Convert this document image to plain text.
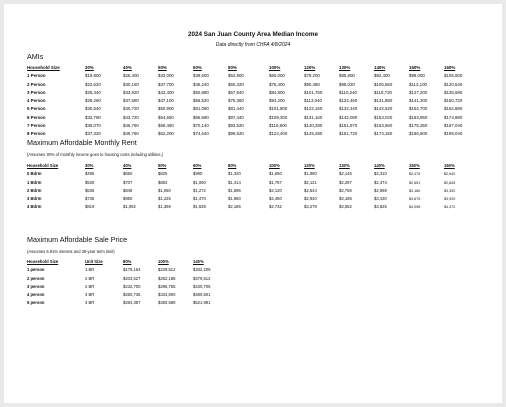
2024 San Juan County Area Median Income
Data directly from CHFA 4/8/2024
AMIs
Household Size	30%	40%	50%	60%	80%	100%	120%	130%	140%	150%	160%
1 Person	$19,800	$26,400	$33,000	$39,600	$52,800	$66,000	$79,200	$85,800	$92,400	$99,000	$105,600
2 Person	$22,620	$30,160	$37,700	$45,240	$60,320	$75,400	$90,480	$98,020	$105,560	$113,100	$120,640
3 Person	$25,440	$33,920	$42,400	$50,880	$67,840	$84,800	$101,760	$110,240	$118,720	$127,200	$135,680
4 Person	$28,260	$37,680	$47,100	$56,520	$75,360	$94,200	$113,040	$122,460	$131,880	$141,300	$150,720
5 Person	$30,540	$40,720	$50,900	$61,080	$81,440	$101,800	$122,160	$132,340	$142,520	$152,700	$162,880
6 Person	$32,790	$43,720	$54,650	$65,580	$87,440	$109,300	$131,160	$142,090	$153,020	$163,950	$174,880
7 Person	$35,070	$46,760	$58,450	$70,140	$93,520	$116,900	$140,280	$151,970	$163,660	$175,350	$187,040
8 Person	$37,320	$49,760	$62,200	$74,640	$99,520	$124,400	$149,280	$161,720	$174,160	$186,600	$199,040
Maximum Affordable Monthly Rent
(Assumes 30% of monthly income goes to housing costs including utilities.)
Household Size	30%	40%	50%	60%	80%	100%	120%	130%	140%	150%	160%
0 Bdrm	$495	$660	$825	$990	$1,320	$1,650	$1,980	$2,145	$2,310	$2,475	$2,640
1 Bdrm	$530	$707	$883	$1,060	$1,414	$1,767	$2,121	$2,297	$2,474	$2,651	$2,828
2 Bdrm	$636	$848	$1,060	$1,272	$1,696	$2,120	$2,544	$2,756	$2,968	$3,180	$3,392
3 Bdrm	$735	$980	$1,225	$1,470	$1,960	$2,450	$2,940	$3,185	$3,430	$3,675	$3,920
4 Bdrm	$819	$1,092	$1,366	$1,639	$2,186	$2,732	$3,279	$3,552	$3,825	$4,098	$4,372
Maximum Affordable Sale Price
(Assumes 6.91% interest and 30-year term limit)
Household Size	Unit Size	80%	100%	140%
1 person	1 BR	$178,164	$229,512	$332,209
2 person	2 BR	$203,527	$262,188	$379,512
3 person	2 BR	$232,700	$296,755	$430,705
4 person	3 BR	$260,736	$334,800	$480,601
5 person	3 BR	$284,387	$360,589	$521,991
